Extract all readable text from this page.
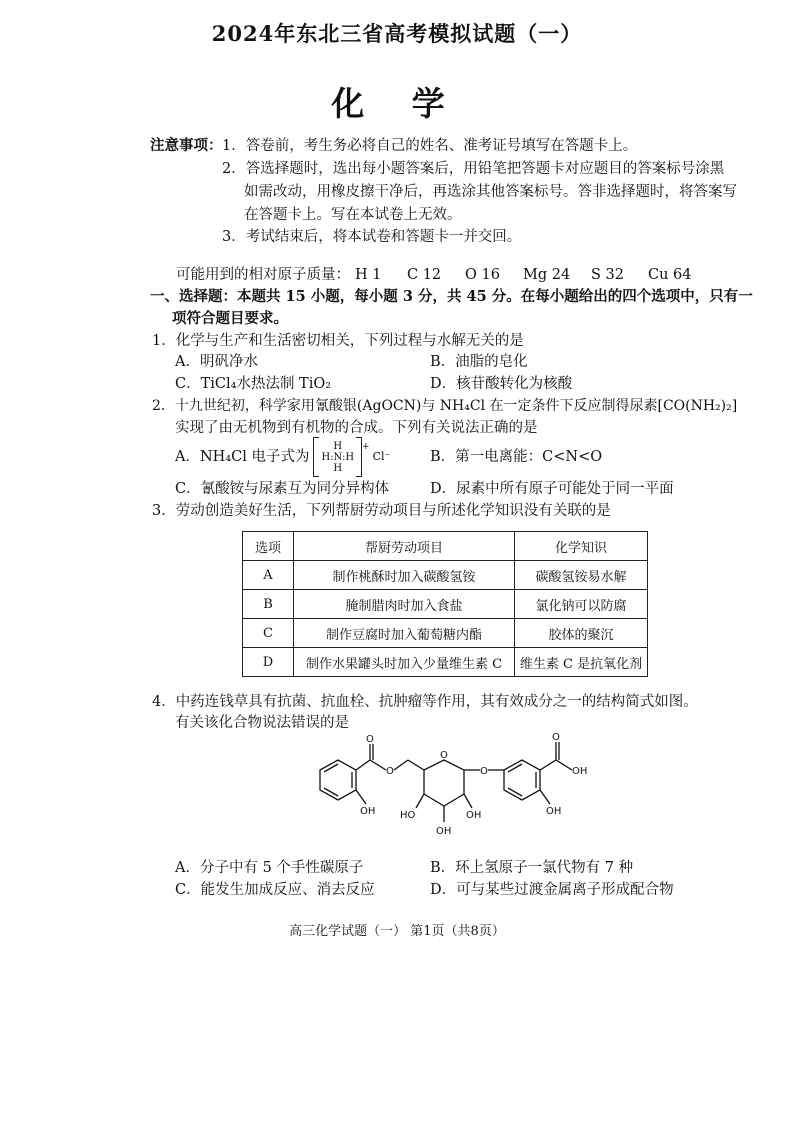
2024年东北三省高考模拟试题（一）
化 学
注意事项： 1．答卷前，考生务必将自己的姓名、准考证号填写在答题卡上。
2．答选择题时，选出每小题答案后，用铅笔把答题卡对应题目的答案标号涂黑
如需改动，用橡皮擦干净后，再选涂其他答案标号。答非选择题时，将答案写
在答题卡上。写在本试卷上无效。
3．考试结束后，将本试卷和答题卡一并交回。
可能用到的相对原子质量： H 1 C 12 O 16 Mg 24 S 32 Cu 64
一、选择题：本题共 15 小题，每小题 3 分，共 45 分。在每小题给出的四个选项中，只有一
项符合题目要求。
1．化学与生产和生活密切相关，下列过程与水解无关的是
A．明矾净水	B．油脂的皂化
C．TiCl₄水热法制 TiO₂	D．核苷酸转化为核酸
2．十九世纪初，科学家用氰酸银(AgOCN)与 NH₄Cl 在一定条件下反应制得尿素[CO(NH₂)₂]
实现了由无机物到有机物的合成。下列有关说法正确的是
A．NH₄Cl 电子式为
H
H:N:H
H
+
Cl⁻	B．第一电离能：C<N<O
C．氰酸铵与尿素互为同分异构体	D．尿素中所有原子可能处于同一平面
3．劳动创造美好生活，下列帮厨劳动项目与所述化学知识没有关联的是
选项	帮厨劳动项目	化学知识
A	制作桃酥时加入碳酸氢铵	碳酸氢铵易水解
B	腌制腊肉时加入食盐	氯化钠可以防腐
C	制作豆腐时加入葡萄糖内酯	胶体的聚沉
D	制作水果罐头时加入少量维生素 C	维生素 C 是抗氧化剂
4．中药连钱草具有抗菌、抗血栓、抗肿瘤等作用，其有效成分之一的结构简式如图。
有关该化合物说法错误的是
O
O
O
O
O
OH HO
OH
OH
OH
OH
A．分子中有 5 个手性碳原子	B．环上氢原子一氯代物有 7 种
C．能发生加成反应、消去反应	D．可与某些过渡金属离子形成配合物
高三化学试题（一） 第1页（共8页）
